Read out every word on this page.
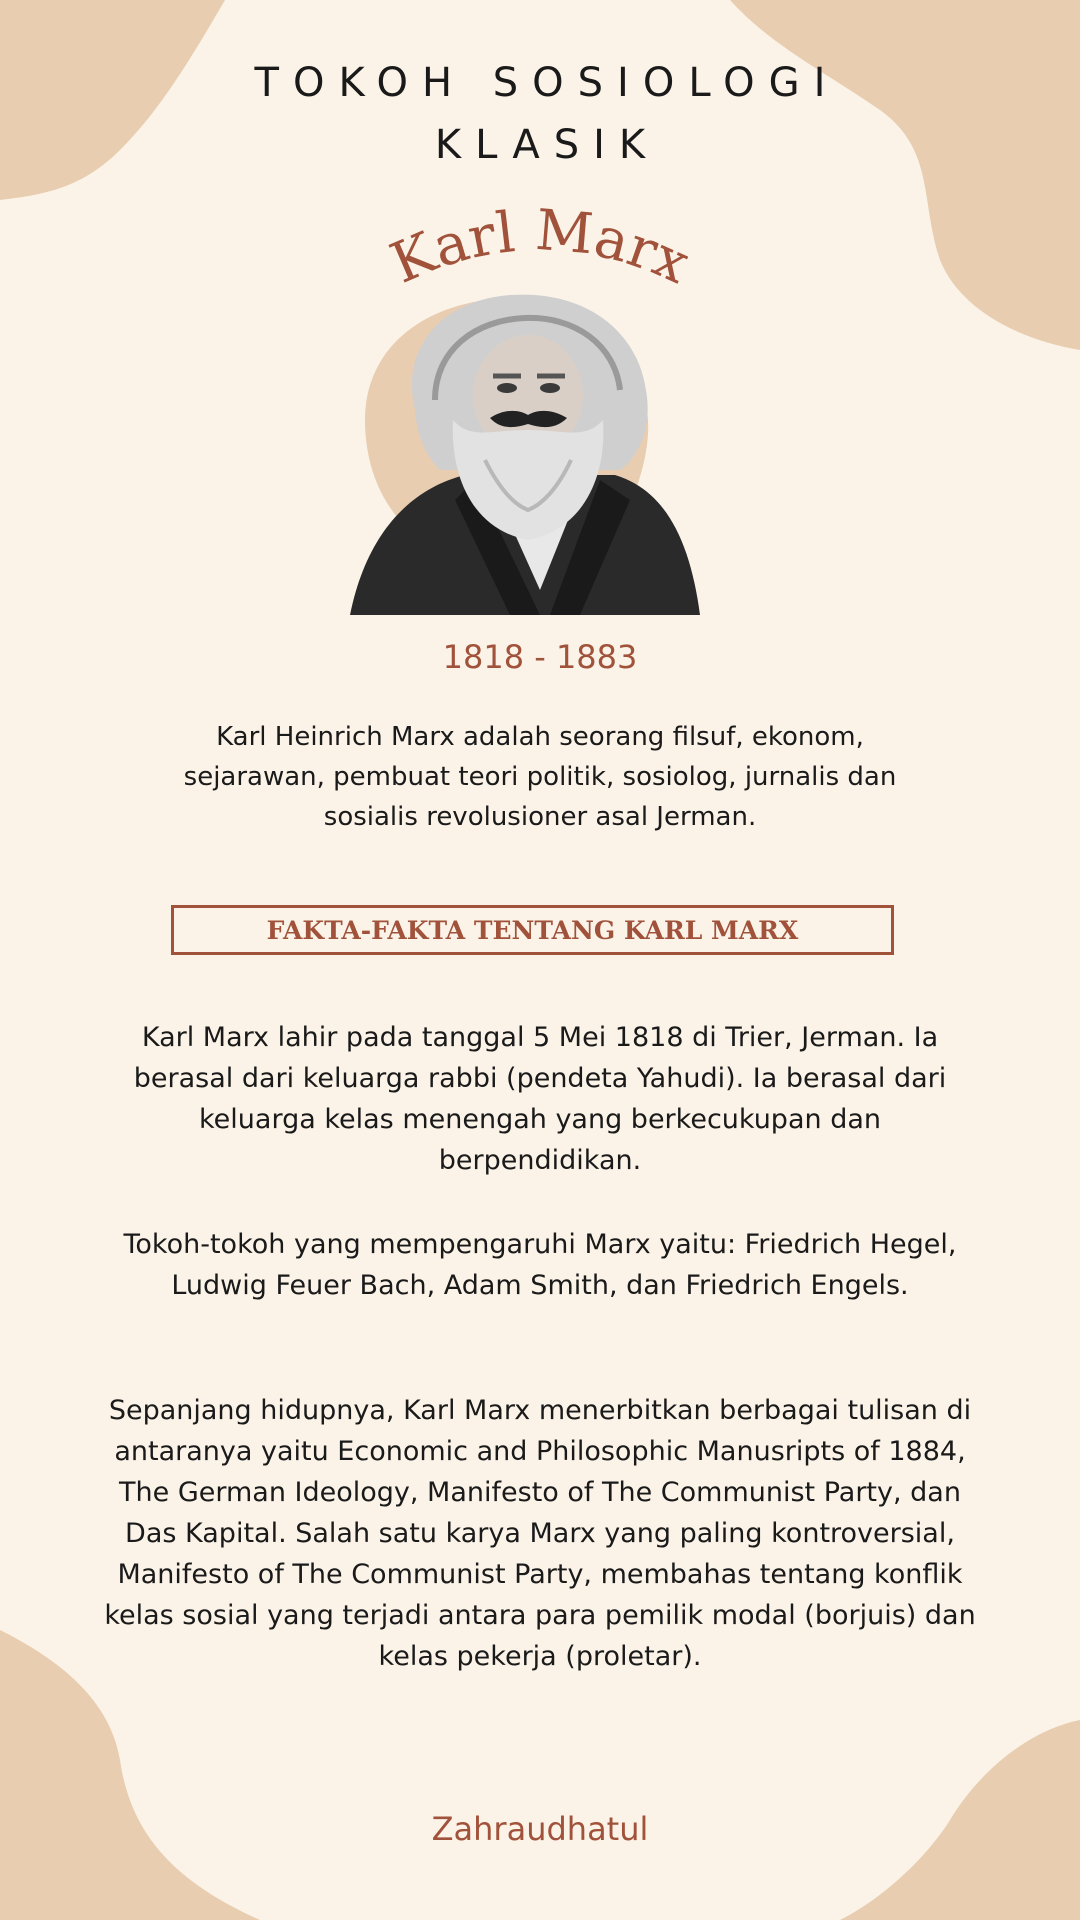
TOKOH SOSIOLOGI
KLASIK
Karl Marx
1818 - 1883
Karl Heinrich Marx adalah seorang filsuf, ekonom, sejarawan, pembuat teori politik, sosiolog, jurnalis dan sosialis revolusioner asal Jerman.
FAKTA-FAKTA TENTANG KARL MARX
Karl Marx lahir pada tanggal 5 Mei 1818 di Trier, Jerman. Ia berasal dari keluarga rabbi (pendeta Yahudi). Ia berasal dari keluarga kelas menengah yang berkecukupan dan berpendidikan.
Tokoh-tokoh yang mempengaruhi Marx yaitu: Friedrich Hegel, Ludwig Feuer Bach, Adam Smith, dan Friedrich Engels.
Sepanjang hidupnya, Karl Marx menerbitkan berbagai tulisan di antaranya yaitu Economic and Philosophic Manusripts of 1884, The German Ideology, Manifesto of The Communist Party, dan Das Kapital. Salah satu karya Marx yang paling kontroversial, Manifesto of The Communist Party, membahas tentang konflik kelas sosial yang terjadi antara para pemilik modal (borjuis) dan kelas pekerja (proletar).
Zahraudhatul
